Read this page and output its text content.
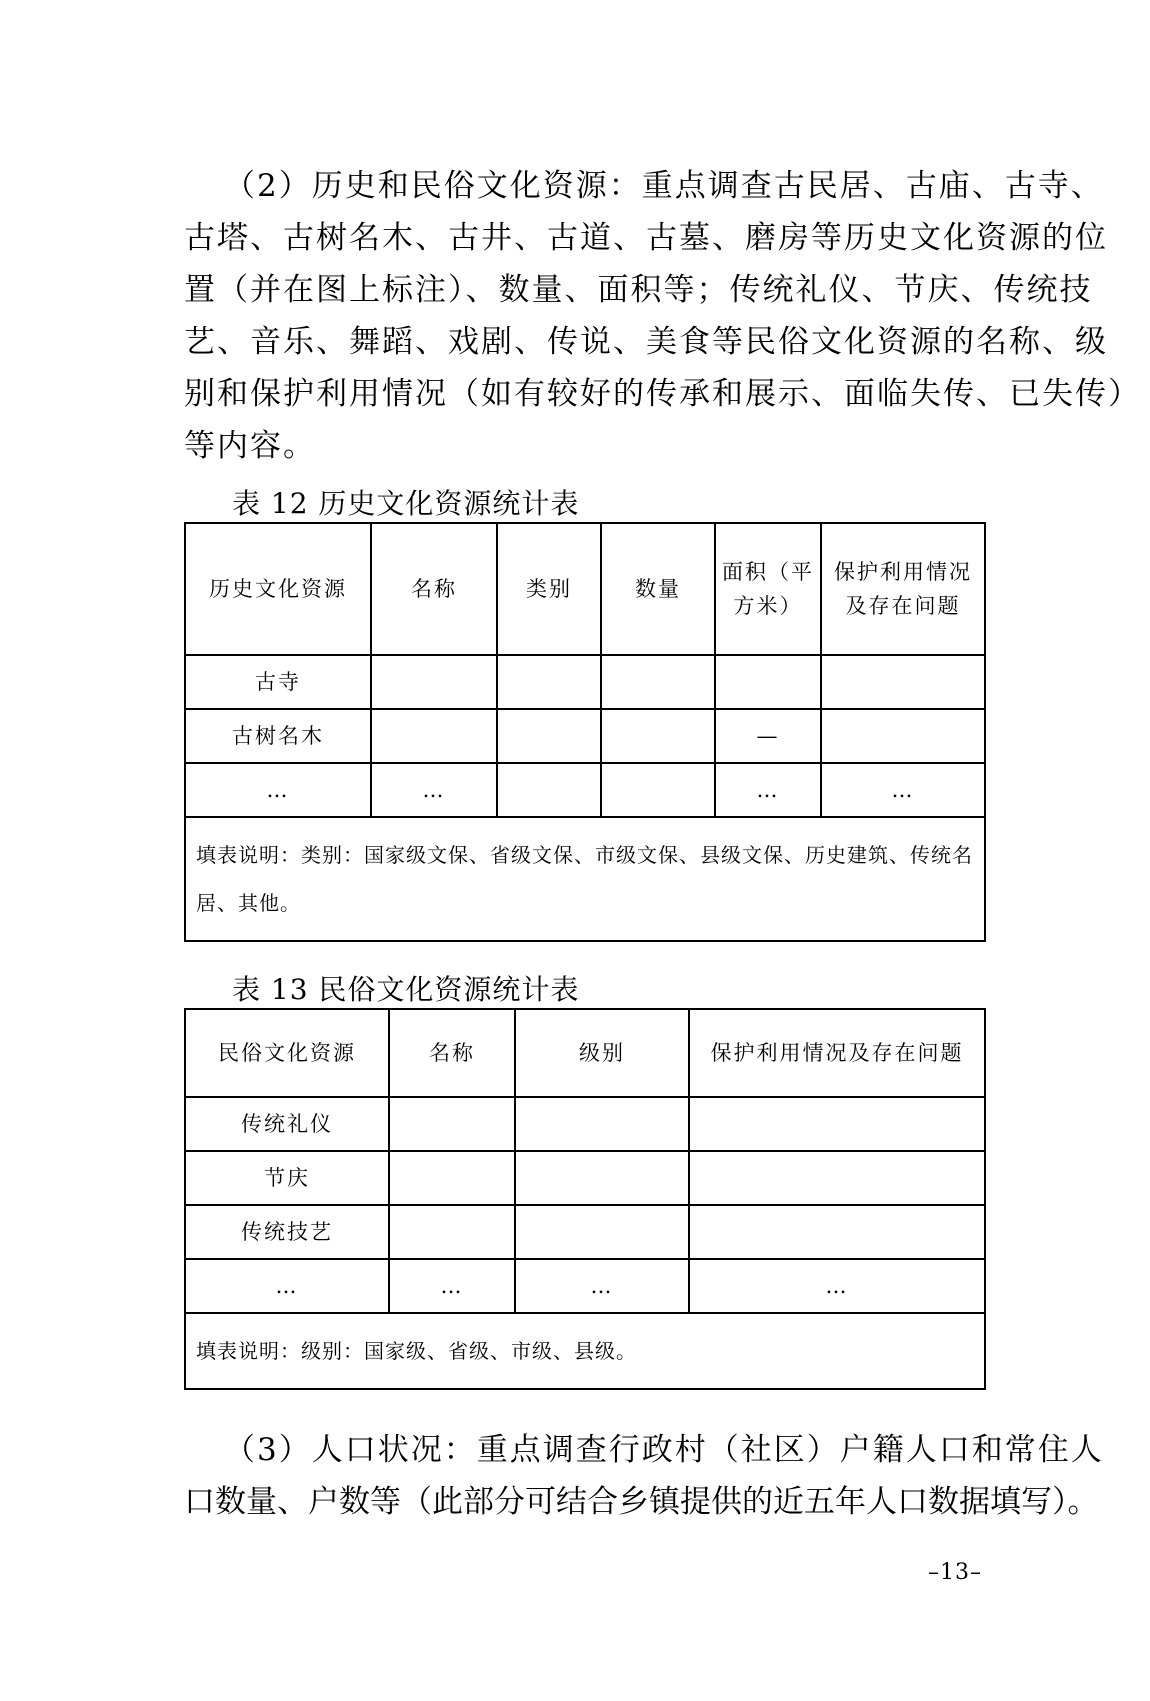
（2）历史和民俗文化资源：重点调查古民居、古庙、古寺、
古塔、古树名木、古井、古道、古墓、磨房等历史文化资源的位
置（并在图上标注）、数量、面积等；传统礼仪、节庆、传统技
艺、音乐、舞蹈、戏剧、传说、美食等民俗文化资源的名称、级
别和保护利用情况（如有较好的传承和展示、面临失传、已失传）
等内容。
表 12 历史文化资源统计表
历史文化资源	名称	类别	数量	面积（平方米）	保护利用情况及存在问题
古寺					
古树名木				—	
…	…			…	…
填表说明：类别：国家级文保、省级文保、市级文保、县级文保、历史建筑、传统名居、其他。					
表 13 民俗文化资源统计表
民俗文化资源	名称	级别	保护利用情况及存在问题
传统礼仪			
节庆			
传统技艺			
…	…	…	…
填表说明：级别：国家级、省级、市级、县级。			
（3）人口状况：重点调查行政村（社区）户籍人口和常住人
口数量、户数等（此部分可结合乡镇提供的近五年人口数据填写）。
–13–
